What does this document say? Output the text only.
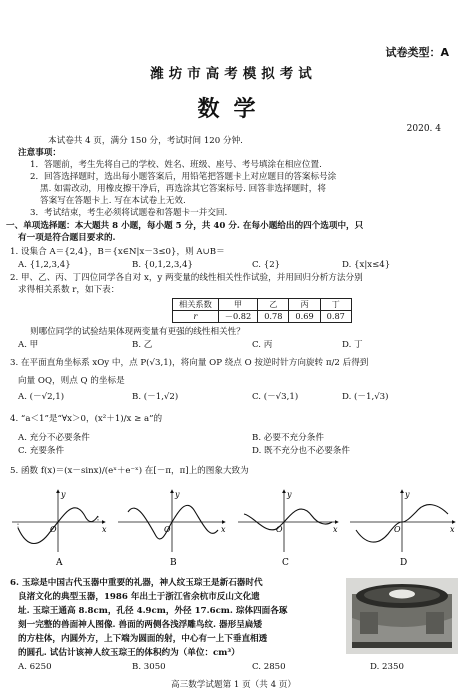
试卷类型：A
潍坊市高考模拟考试
数学
2020. 4
本试卷共 4 页，满分 150 分，考试时间 120 分钟.
注意事项：
1．答题前，考生先将自己的学校、姓名、班级、座号、考号填涂在相应位置.
2．回答选择题时，选出每小题答案后，用铅笔把答题卡上对应题目的答案标号涂
黑. 如需改动，用橡皮擦干净后，再选涂其它答案标号. 回答非选择题时，将
答案写在答题卡上. 写在本试卷上无效.
3．考试结束，考生必须将试题卷和答题卡一并交回.
一、单项选择题：本大题共 8 小题，每小题 5 分，共 40 分. 在每小题给出的四个选项中，只
有一项是符合题目要求的.
1. 设集合 A＝{2,4}，B＝{x∈N|x－3≤0}，则 A∪B＝
A. {1,2,3,4}	B. {0,1,2,3,4}	C. {2}	D. {x|x≤4}
2. 甲、乙、丙、丁四位同学各自对 x，y 两变量的线性相关性作试验，并用回归分析方法分别
求得相关系数 r，如下表：
相关系数	甲	乙	丙	丁
r	－0.82	0.78	0.69	0.87
则哪位同学的试验结果体现两变量有更强的线性相关性？
A. 甲	B. 乙	C. 丙	D. 丁
3. 在平面直角坐标系 xOy 中，点 P(√3,1)，将向量 OP 绕点 O 按逆时针方向旋转 π/2 后得到
向量 OQ，则点 Q 的坐标是
A. (－√2,1)	B. (－1,√2)	C. (－√3,1)	D. (－1,√3)
4. “a＜1”是“∀x＞0，(x²＋1)/x ≥ a”的
A. 充分不必要条件	B. 必要不充分条件
C. 充要条件	D. 既不充分也不必要条件
5. 函数 f(x)＝(x－sinx)/(eˣ＋e⁻ˣ) 在[－π，π]上的图象大致为
x
y
O
A
x
y
O
B
x
y
O
C
x
y
O
D
6. 玉琮是中国古代玉器中重要的礼器，神人纹玉琮王是新石器时代
良渚文化的典型玉器，1986 年出土于浙江省余杭市反山文化遗
址. 玉琮王通高 8.8cm，孔径 4.9cm，外径 17.6cm. 琮体四面各琢
刻一完整的兽面神人图像. 兽面的两侧各浅浮雕鸟纹. 器形呈扁矮
的方柱体，内圆外方，上下端为圆面的射，中心有一上下垂直相透
的圆孔. 试估计该神人纹玉琮王的体积约为（单位：cm³）
A. 6250	B. 3050	C. 2850	D. 2350
高三数学试题第 1 页（共 4 页）
